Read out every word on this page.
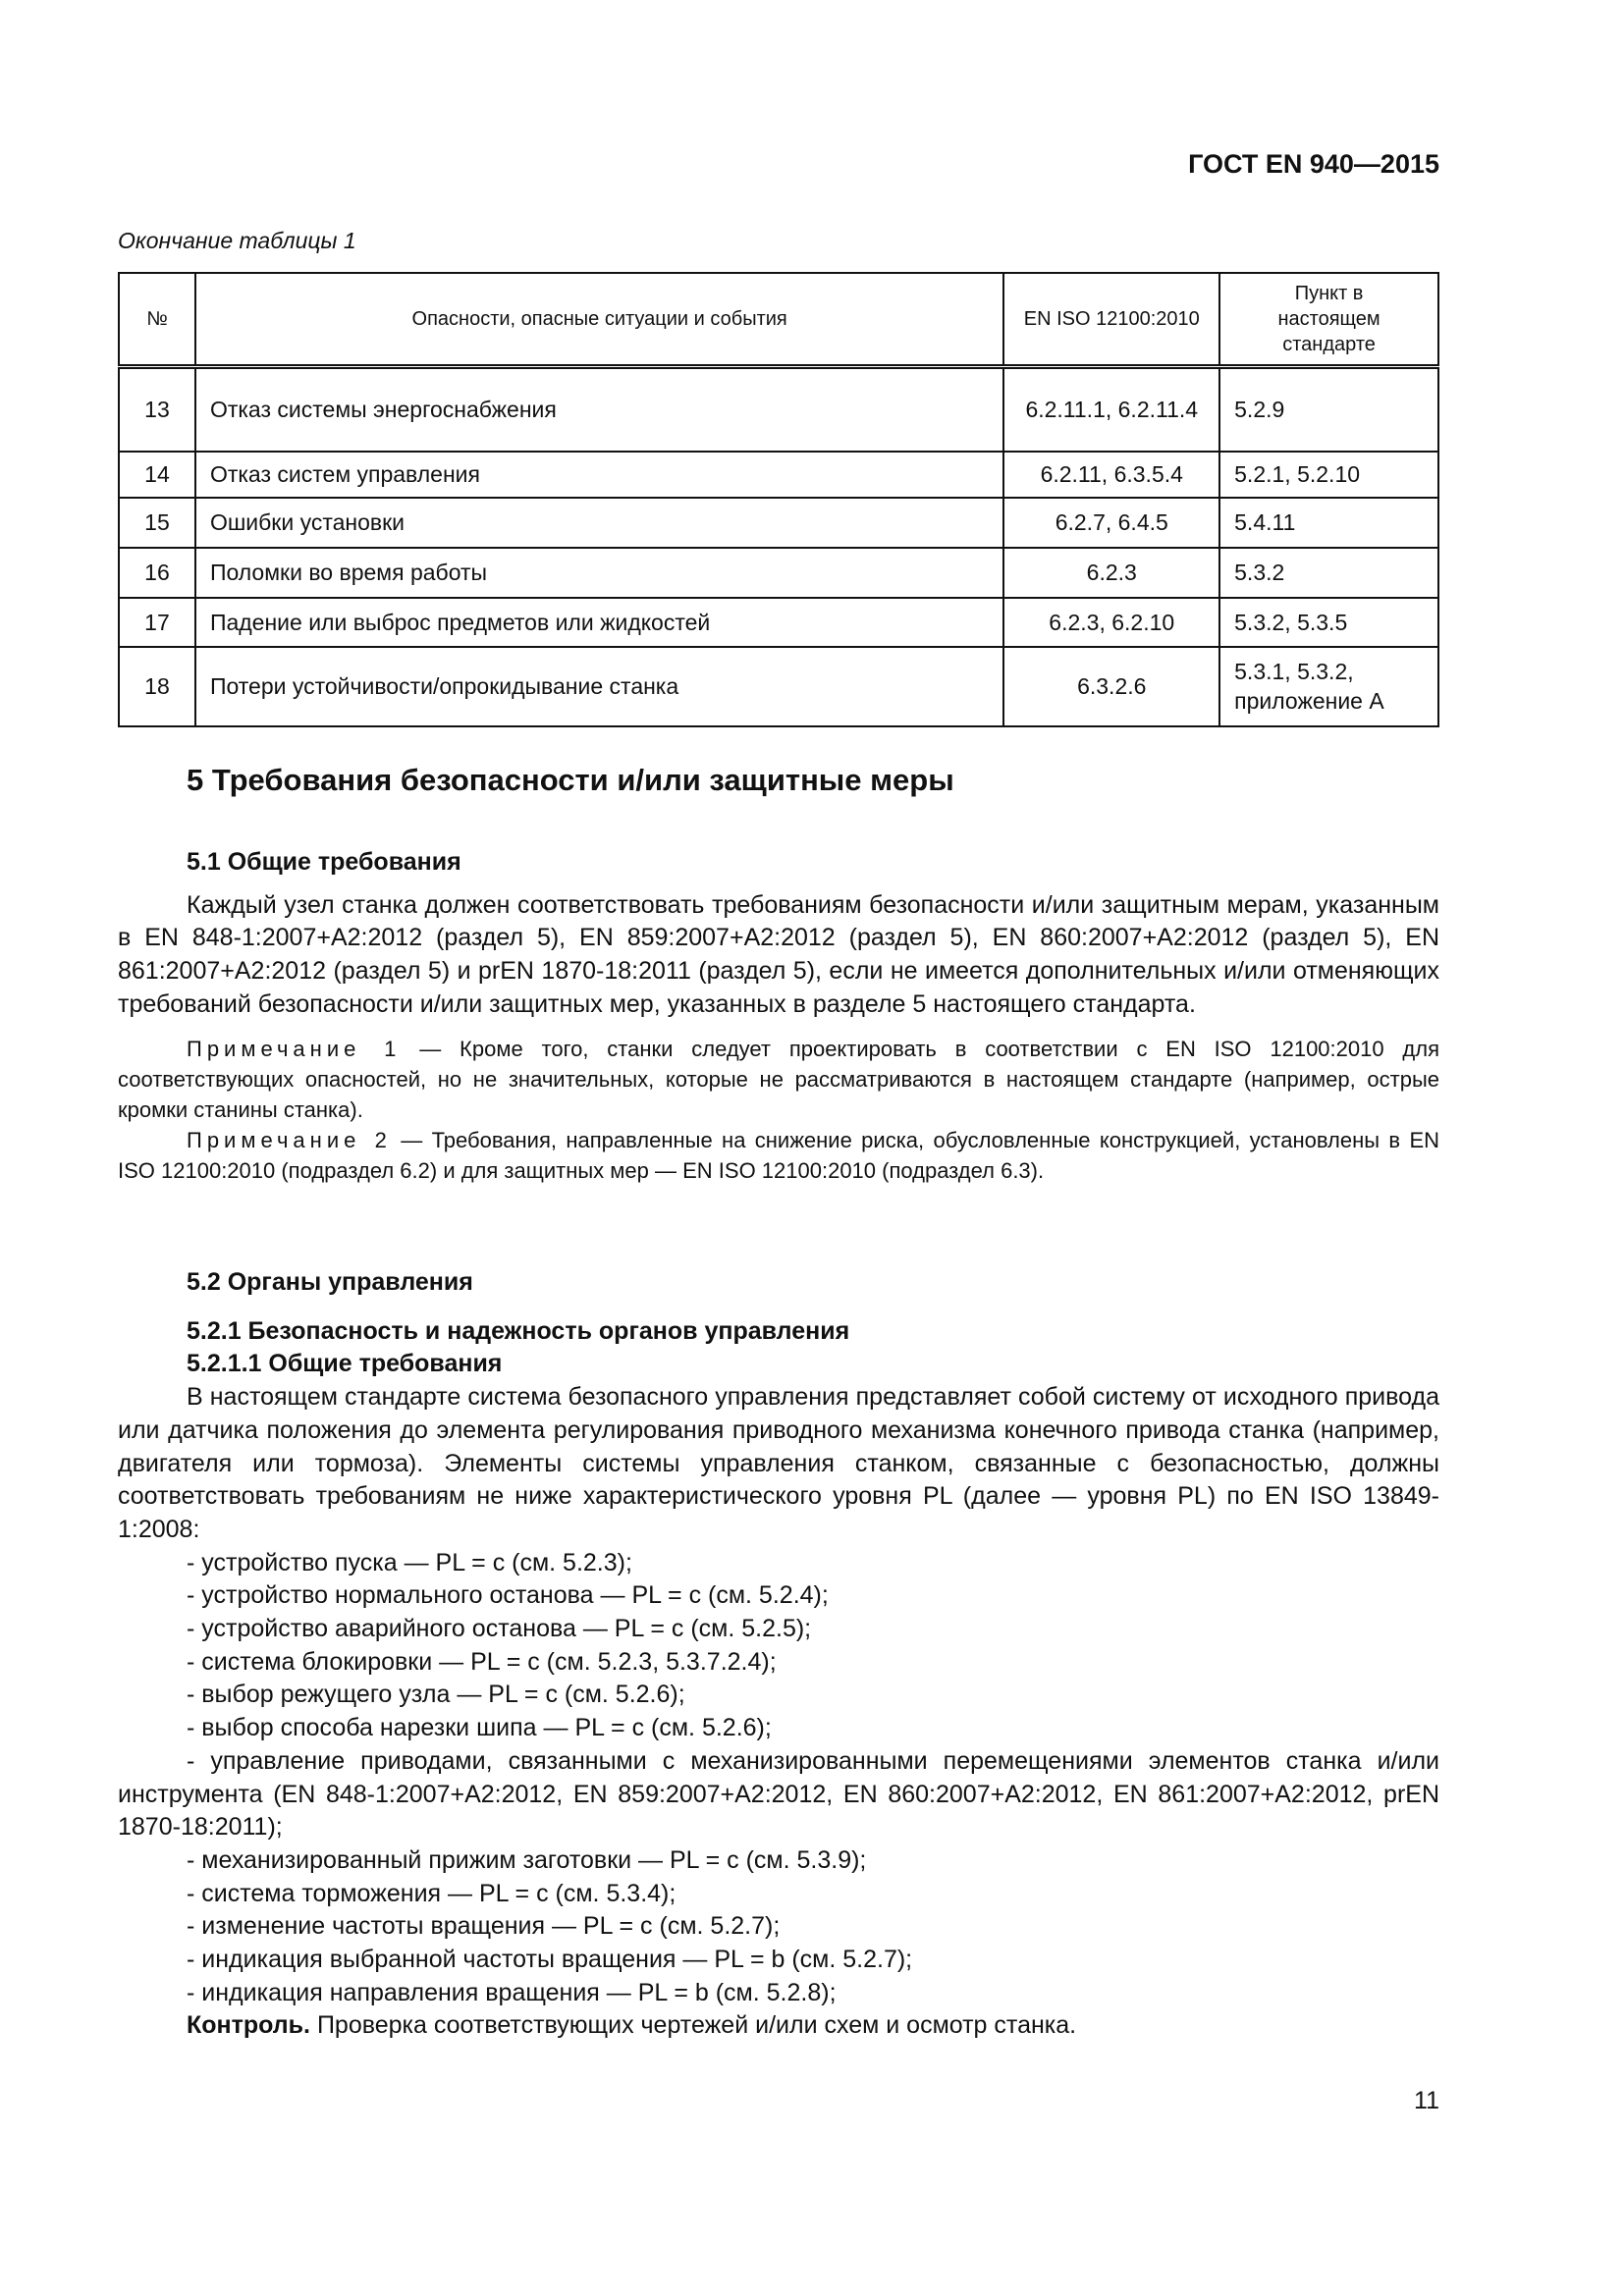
ГОСТ EN 940—2015
Окончание таблицы 1
№	Опасности, опасные ситуации и события	EN ISO 12100:2010	Пункт в настоящем стандарте
13	Отказ системы энергоснабжения	6.2.11.1, 6.2.11.4	5.2.9
14	Отказ систем управления	6.2.11, 6.3.5.4	5.2.1, 5.2.10
15	Ошибки установки	6.2.7, 6.4.5	5.4.11
16	Поломки во время работы	6.2.3	5.3.2
17	Падение или выброс предметов или жидкостей	6.2.3, 6.2.10	5.3.2, 5.3.5
18	Потери устойчивости/опрокидывание станка	6.3.2.6	5.3.1, 5.3.2, приложение А
5 Требования безопасности и/или защитные меры

5.1 Общие требования

Каждый узел станка должен соответствовать требованиям безопасности и/или защитным мерам, указанным в EN 848-1:2007+A2:2012 (раздел 5), EN 859:2007+A2:2012 (раздел 5), EN 860:2007+A2:2012 (раздел 5), EN 861:2007+A2:2012 (раздел 5) и prEN 1870-18:2011 (раздел 5), если не имеется дополнительных и/или отменяющих требований безопасности и/или защитных мер, указанных в разделе 5 настоящего стандарта.

Примечание 1 — Кроме того, станки следует проектировать в соответствии с EN ISO 12100:2010 для соответствующих опасностей, но не значительных, которые не рассматриваются в настоящем стандарте (например, острые кромки станины станка).

Примечание 2 — Требования, направленные на снижение риска, обусловленные конструкцией, установлены в EN ISO 12100:2010 (подраздел 6.2) и для защитных мер — EN ISO 12100:2010 (подраздел 6.3).

5.2 Органы управления

5.2.1 Безопасность и надежность органов управления

5.2.1.1 Общие требования

В настоящем стандарте система безопасного управления представляет собой систему от исходного привода или датчика положения до элемента регулирования приводного механизма конечного привода станка (например, двигателя или тормоза). Элементы системы управления станком, связанные с безопасностью, должны соответствовать требованиям не ниже характеристического уровня PL (далее — уровня PL) по EN ISO 13849-1:2008:

- устройство пуска — PL = c (см. 5.2.3);

- устройство нормального останова — PL = c (см. 5.2.4);

- устройство аварийного останова — PL = c (см. 5.2.5);

- система блокировки — PL = c (см. 5.2.3, 5.3.7.2.4);

- выбор режущего узла — PL = c (см. 5.2.6);

- выбор способа нарезки шипа — PL = c (см. 5.2.6);

- управление приводами, связанными с механизированными перемещениями элементов станка и/или инструмента (EN 848-1:2007+A2:2012, EN 859:2007+A2:2012, EN 860:2007+A2:2012, EN 861:2007+A2:2012, prEN 1870-18:2011);

- механизированный прижим заготовки — PL = c (см. 5.3.9);

- система торможения — PL = c (см. 5.3.4);

- изменение частоты вращения — PL = c (см. 5.2.7);

- индикация выбранной частоты вращения — PL = b (см. 5.2.7);

- индикация направления вращения — PL = b (см. 5.2.8);

Контроль. Проверка соответствующих чертежей и/или схем и осмотр станка.

11
